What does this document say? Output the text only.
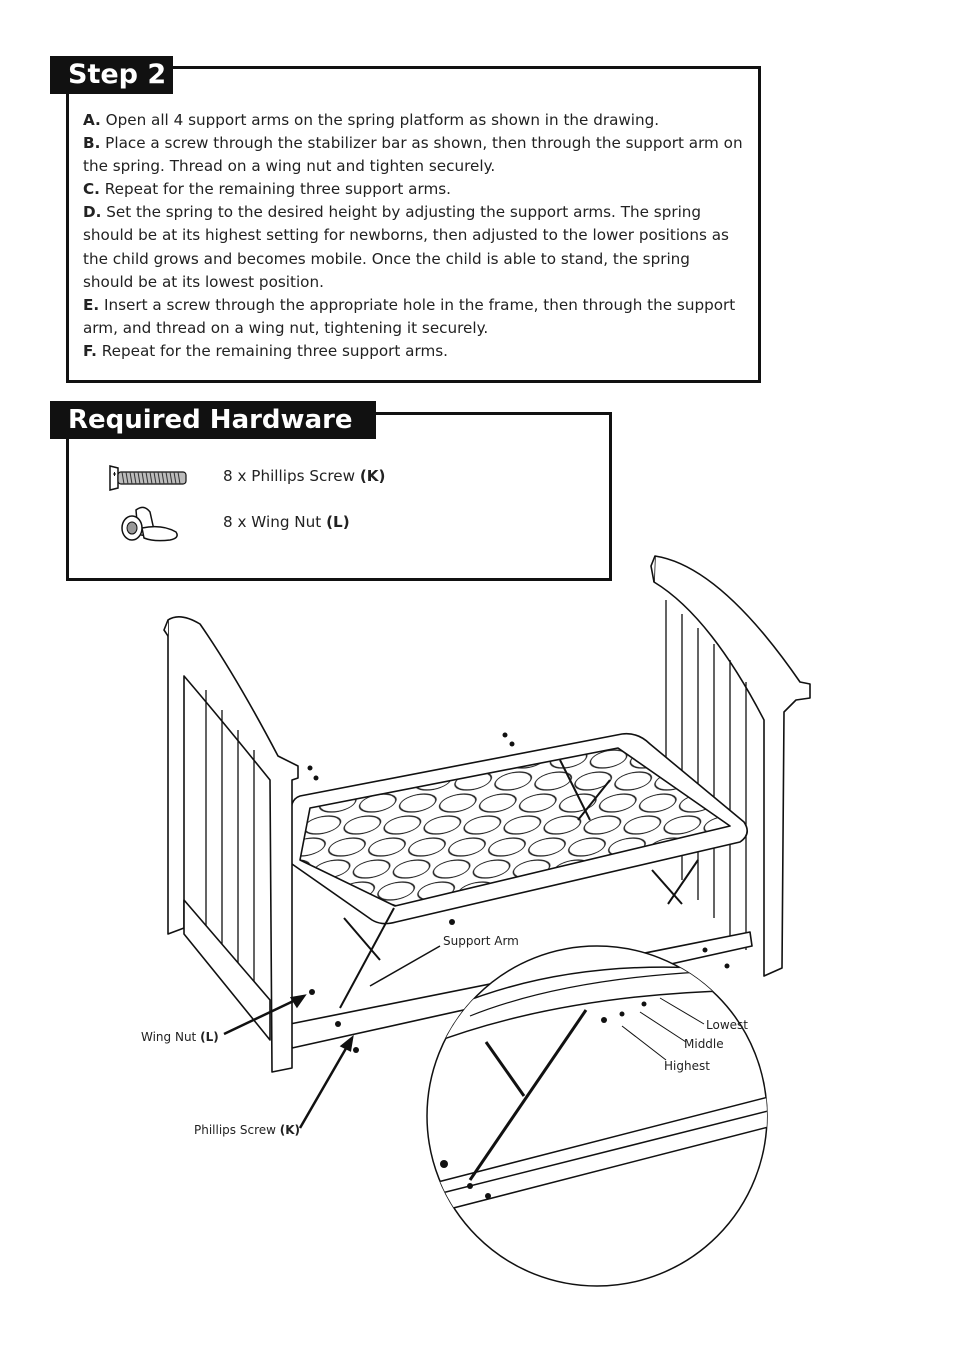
Step 2

A. Open all 4 support arms on the spring platform as shown in the drawing.

B. Place a screw through the stabilizer bar as shown, then through the support arm on the spring. Thread on a wing nut and tighten securely.

C. Repeat for the remaining three support arms.

D. Set the spring to the desired height by adjusting the support arms. The spring should be at its highest setting for newborns, then adjusted to the lower positions as the child grows and becomes mobile. Once the child is able to stand, the spring should be at its lowest position.

E. Insert a screw through the appropriate hole in the frame, then through the support arm, and thread on a wing nut, tightening it securely.

F. Repeat for the remaining three support arms.

Required Hardware
8 x Phillips Screw (K)
8 x Wing Nut (L)
Support Arm
Wing Nut (L)
Phillips Screw (K)
Lowest
Middle
Highest
